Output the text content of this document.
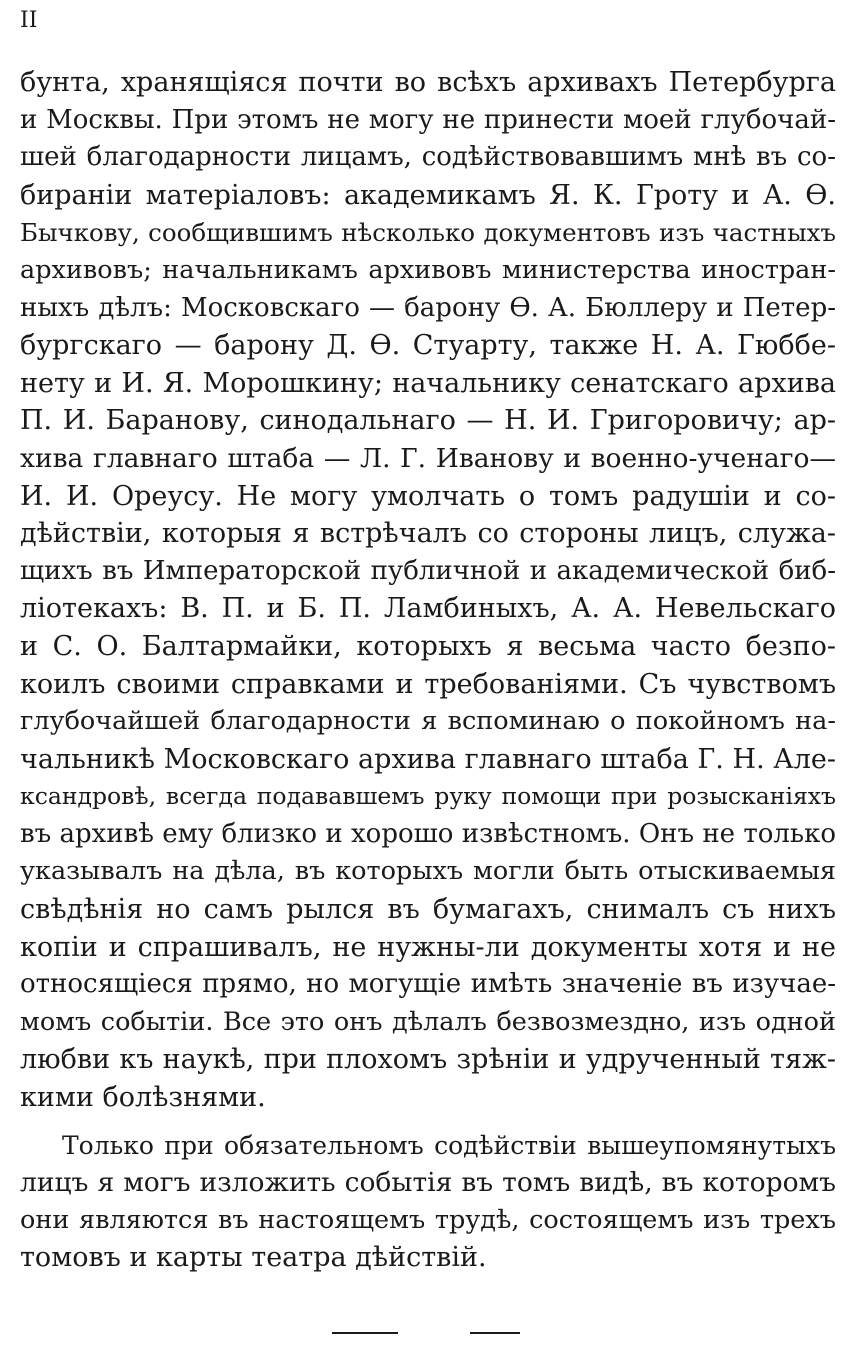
II
бунта, хранящіяся почти во всѣхъ архивахъ Петербурга
и Москвы. При этомъ не могу не принести моей глубочай-
шей благодарности лицамъ, содѣйствовавшимъ мнѣ въ со-
бираніи матеріаловъ: академикамъ Я. К. Гроту и А. Ѳ.
Бычкову, сообщившимъ нѣсколько документовъ изъ частныхъ
архивовъ; начальникамъ архивовъ министерства иностран-
ныхъ дѣлъ: Московскаго — барону Ѳ. А. Бюллеру и Петер-
бургскаго — барону Д. Ѳ. Стуарту, также Н. А. Гюббе-
нету и И. Я. Морошкину; начальнику сенатскаго архива
П. И. Баранову, синодальнаго — Н. И. Григоровичу; ар-
хива главнаго штаба — Л. Г. Иванову и военно-ученаго—
И. И. Ореусу. Не могу умолчать о томъ радушіи и со-
дѣйствіи, которыя я встрѣчалъ со стороны лицъ, служа-
щихъ въ Императорской публичной и академической биб-
ліотекахъ: В. П. и Б. П. Ламбиныхъ, А. А. Невельскаго
и С. О. Балтармайки, которыхъ я весьма часто безпо-
коилъ своими справками и требованіями. Съ чувствомъ
глубочайшей благодарности я вспоминаю о покойномъ на-
чальникѣ Московскаго архива главнаго штаба Г. Н. Але-
ксандровѣ, всегда подававшемъ руку помощи при розысканіяхъ
въ архивѣ ему близко и хорошо извѣстномъ. Онъ не только
указывалъ на дѣла, въ которыхъ могли быть отыскиваемыя
свѣдѣнія но самъ рылся въ бумагахъ, снималъ съ нихъ
копіи и спрашивалъ, не нужны-ли документы хотя и не
относящіеся прямо, но могущіе имѣть значеніе въ изучае-
момъ событіи. Все это онъ дѣлалъ безвозмездно, изъ одной
любви къ наукѣ, при плохомъ зрѣніи и удрученный тяж-
кими болѣзнями.
Только при обязательномъ содѣйствіи вышеупомянутыхъ
лицъ я могъ изложить событія въ томъ видѣ, въ которомъ
они являются въ настоящемъ трудѣ, состоящемъ изъ трехъ
томовъ и карты театра дѣйствій.
